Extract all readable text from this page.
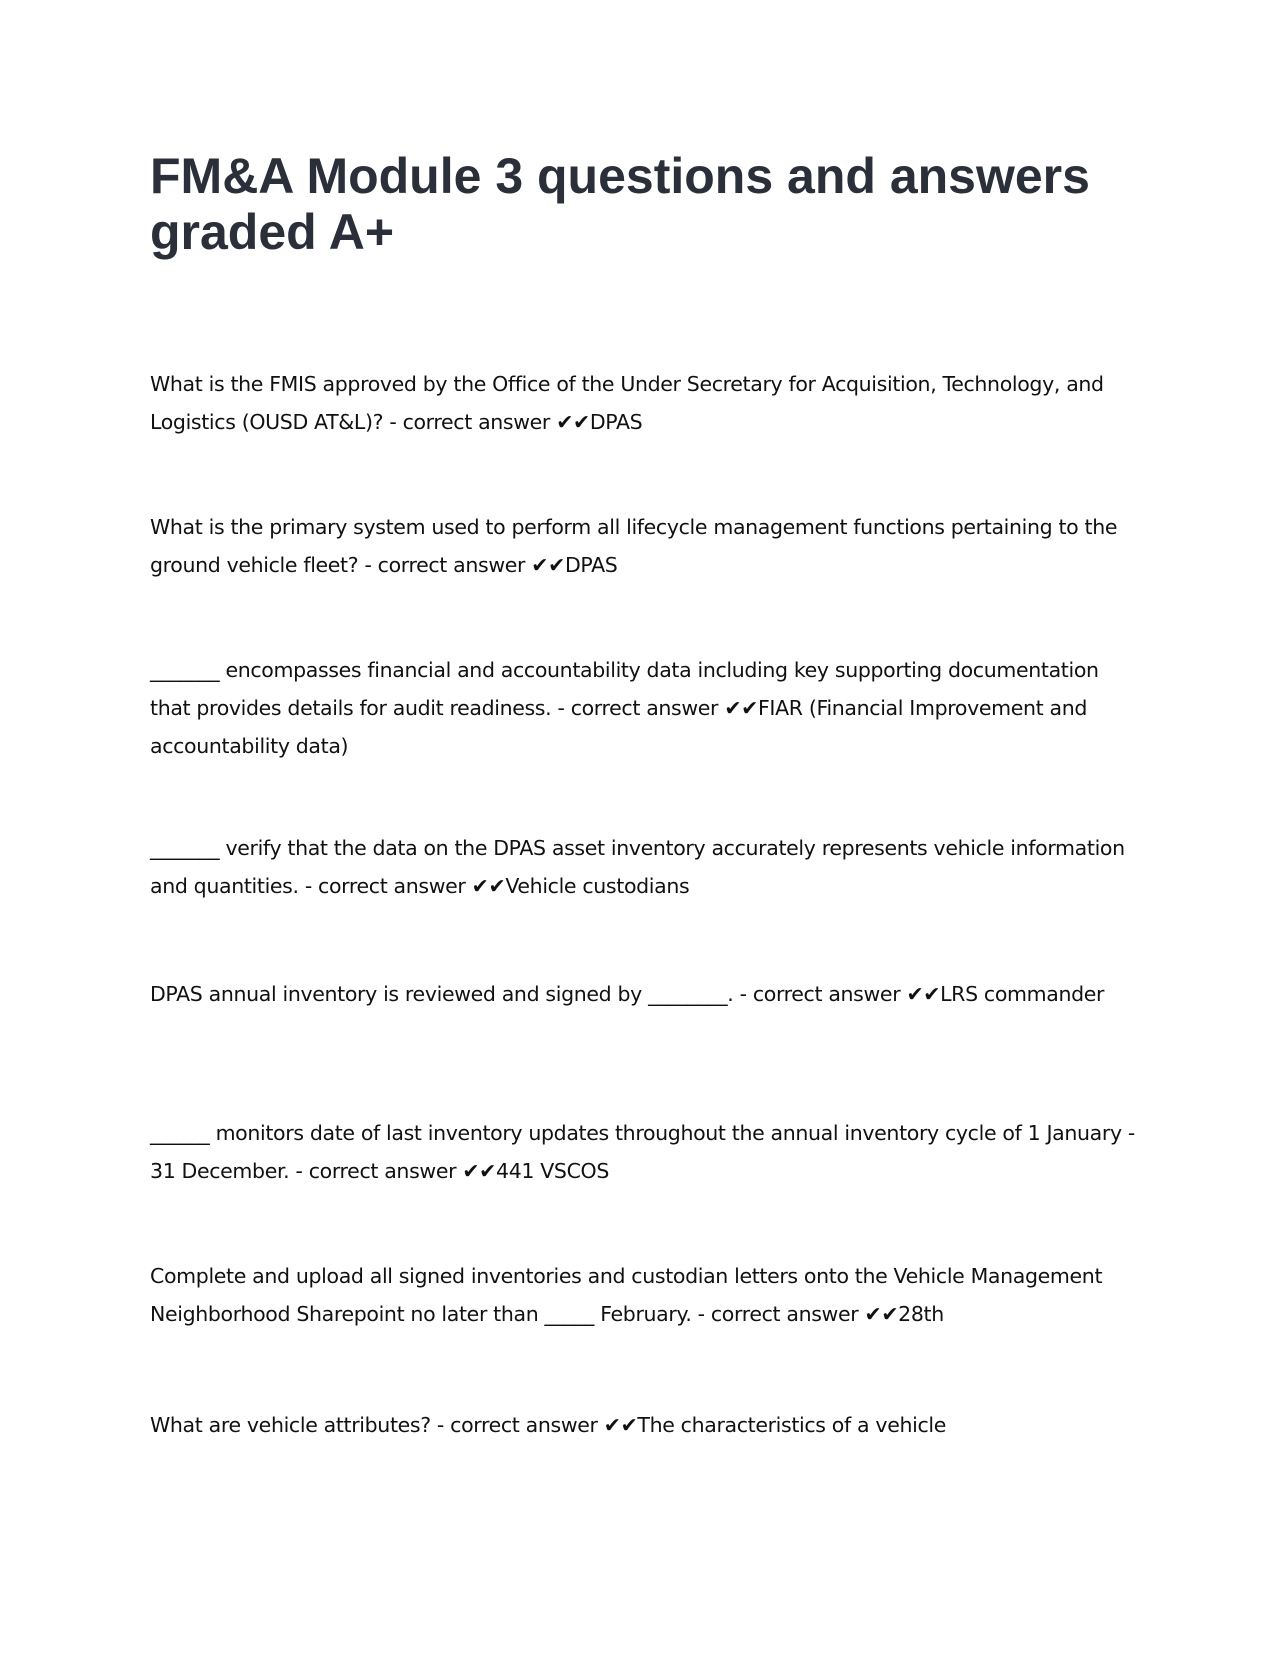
FM&A Module 3 questions and answers graded A+

What is the FMIS approved by the Office of the Under Secretary for Acquisition, Technology, and Logistics (OUSD AT&L)? - correct answer ✔✔DPAS

What is the primary system used to perform all lifecycle management functions pertaining to the ground vehicle fleet? - correct answer ✔✔DPAS

_______ encompasses financial and accountability data including key supporting documentation that provides details for audit readiness. - correct answer ✔✔FIAR (Financial Improvement and accountability data)

_______ verify that the data on the DPAS asset inventory accurately represents vehicle information and quantities. - correct answer ✔✔Vehicle custodians

DPAS annual inventory is reviewed and signed by ________. - correct answer ✔✔LRS commander

______ monitors date of last inventory updates throughout the annual inventory cycle of 1 January - 31 December. - correct answer ✔✔441 VSCOS

Complete and upload all signed inventories and custodian letters onto the Vehicle Management Neighborhood Sharepoint no later than _____ February. - correct answer ✔✔28th

What are vehicle attributes? - correct answer ✔✔The characteristics of a vehicle
